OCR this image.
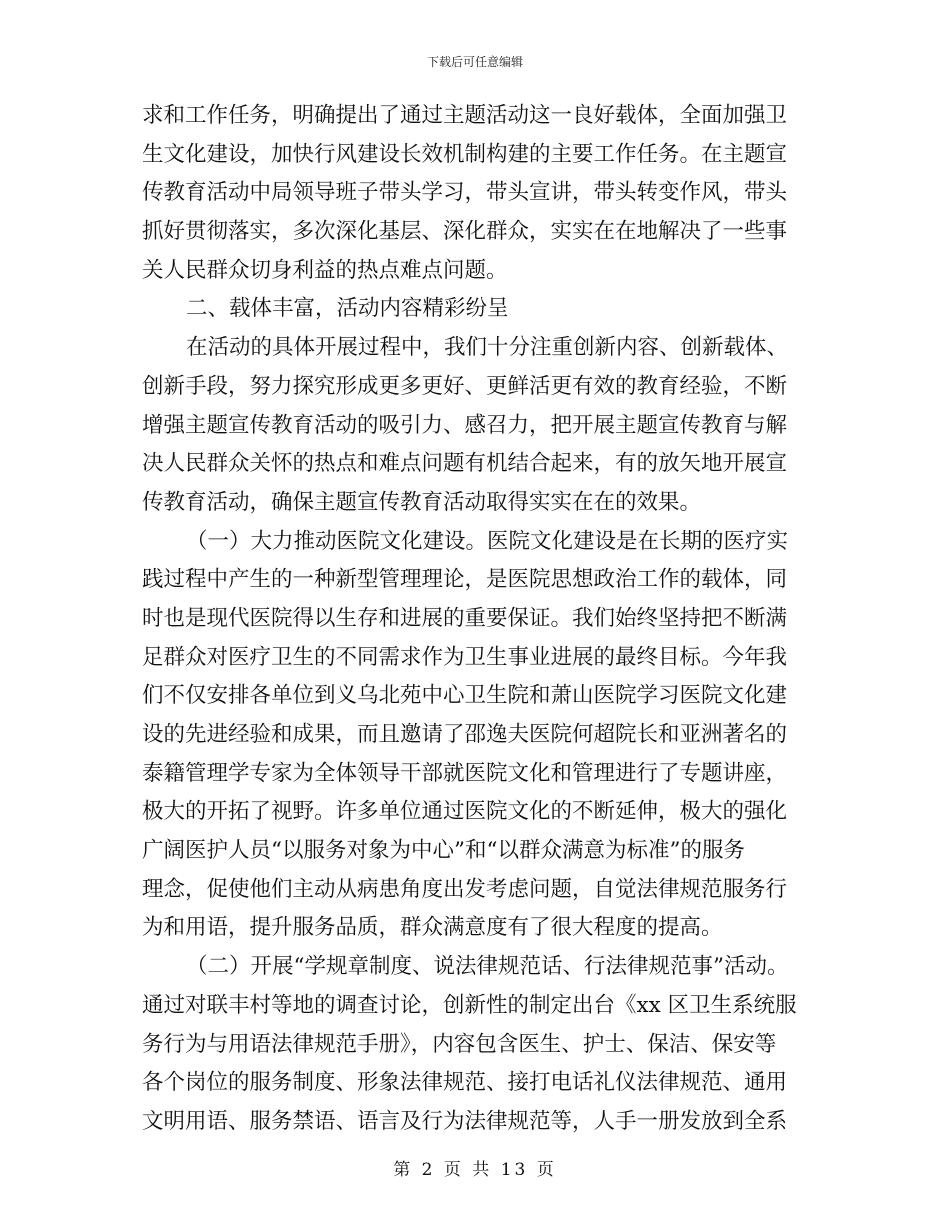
下载后可任意编辑
求和工作任务，明确提出了通过主题活动这一良好载体，全面加强卫
生文化建设，加快行风建设长效机制构建的主要工作任务。在主题宣
传教育活动中局领导班子带头学习，带头宣讲，带头转变作风，带头
抓好贯彻落实，多次深化基层、深化群众，实实在在地解决了一些事
关人民群众切身利益的热点难点问题。
二、载体丰富，活动内容精彩纷呈
在活动的具体开展过程中，我们十分注重创新内容、创新载体、
创新手段，努力探究形成更多更好、更鲜活更有效的教育经验，不断
增强主题宣传教育活动的吸引力、感召力，把开展主题宣传教育与解
决人民群众关怀的热点和难点问题有机结合起来，有的放矢地开展宣
传教育活动，确保主题宣传教育活动取得实实在在的效果。
（一）大力推动医院文化建设。医院文化建设是在长期的医疗实
践过程中产生的一种新型管理理论，是医院思想政治工作的载体，同
时也是现代医院得以生存和进展的重要保证。我们始终坚持把不断满
足群众对医疗卫生的不同需求作为卫生事业进展的最终目标。今年我
们不仅安排各单位到义乌北苑中心卫生院和萧山医院学习医院文化建
设的先进经验和成果，而且邀请了邵逸夫医院何超院长和亚洲著名的
泰籍管理学专家为全体领导干部就医院文化和管理进行了专题讲座，
极大的开拓了视野。许多单位通过医院文化的不断延伸，极大的强化
广阔医护人员“以服务对象为中心”和“以群众满意为标准”的服务
理念，促使他们主动从病患角度出发考虑问题，自觉法律规范服务行
为和用语，提升服务品质，群众满意度有了很大程度的提高。
（二）开展“学规章制度、说法律规范话、行法律规范事”活动。
通过对联丰村等地的调查讨论，创新性的制定出台《xx 区卫生系统服
务行为与用语法律规范手册》，内容包含医生、护士、保洁、保安等
各个岗位的服务制度、形象法律规范、接打电话礼仪法律规范、通用
文明用语、服务禁语、语言及行为法律规范等，人手一册发放到全系
第 2 页 共 13 页
